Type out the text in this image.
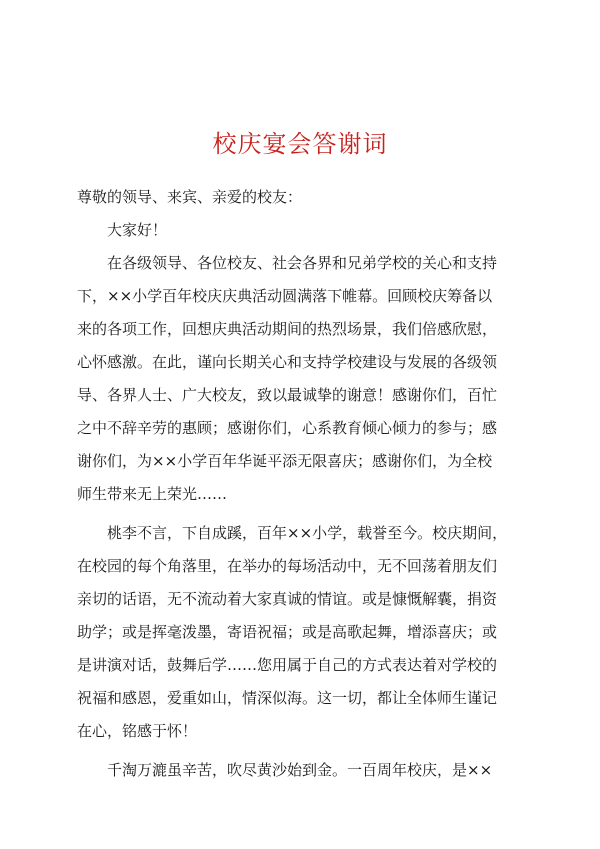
校庆宴会答谢词
尊敬的领导、来宾、亲爱的校友：
大家好！
在各级领导、各位校友、社会各界和兄弟学校的关心和支持
下，××小学百年校庆庆典活动圆满落下帷幕。回顾校庆筹备以
来的各项工作，回想庆典活动期间的热烈场景，我们倍感欣慰，
心怀感激。在此，谨向长期关心和支持学校建设与发展的各级领
导、各界人士、广大校友，致以最诚挚的谢意！感谢你们，百忙
之中不辞辛劳的惠顾；感谢你们，心系教育倾心倾力的参与；感
谢你们，为××小学百年华诞平添无限喜庆；感谢你们，为全校
师生带来无上荣光……
桃李不言，下自成蹊，百年××小学，载誉至今。校庆期间，
在校园的每个角落里，在举办的每场活动中，无不回荡着朋友们
亲切的话语，无不流动着大家真诚的情谊。或是慷慨解囊，捐资
助学；或是挥毫泼墨，寄语祝福；或是高歌起舞，增添喜庆；或
是讲演对话，鼓舞后学……您用属于自己的方式表达着对学校的
祝福和感恩，爱重如山，情深似海。这一切，都让全体师生谨记
在心，铭感于怀！
千淘万漉虽辛苦，吹尽黄沙始到金。一百周年校庆，是××
